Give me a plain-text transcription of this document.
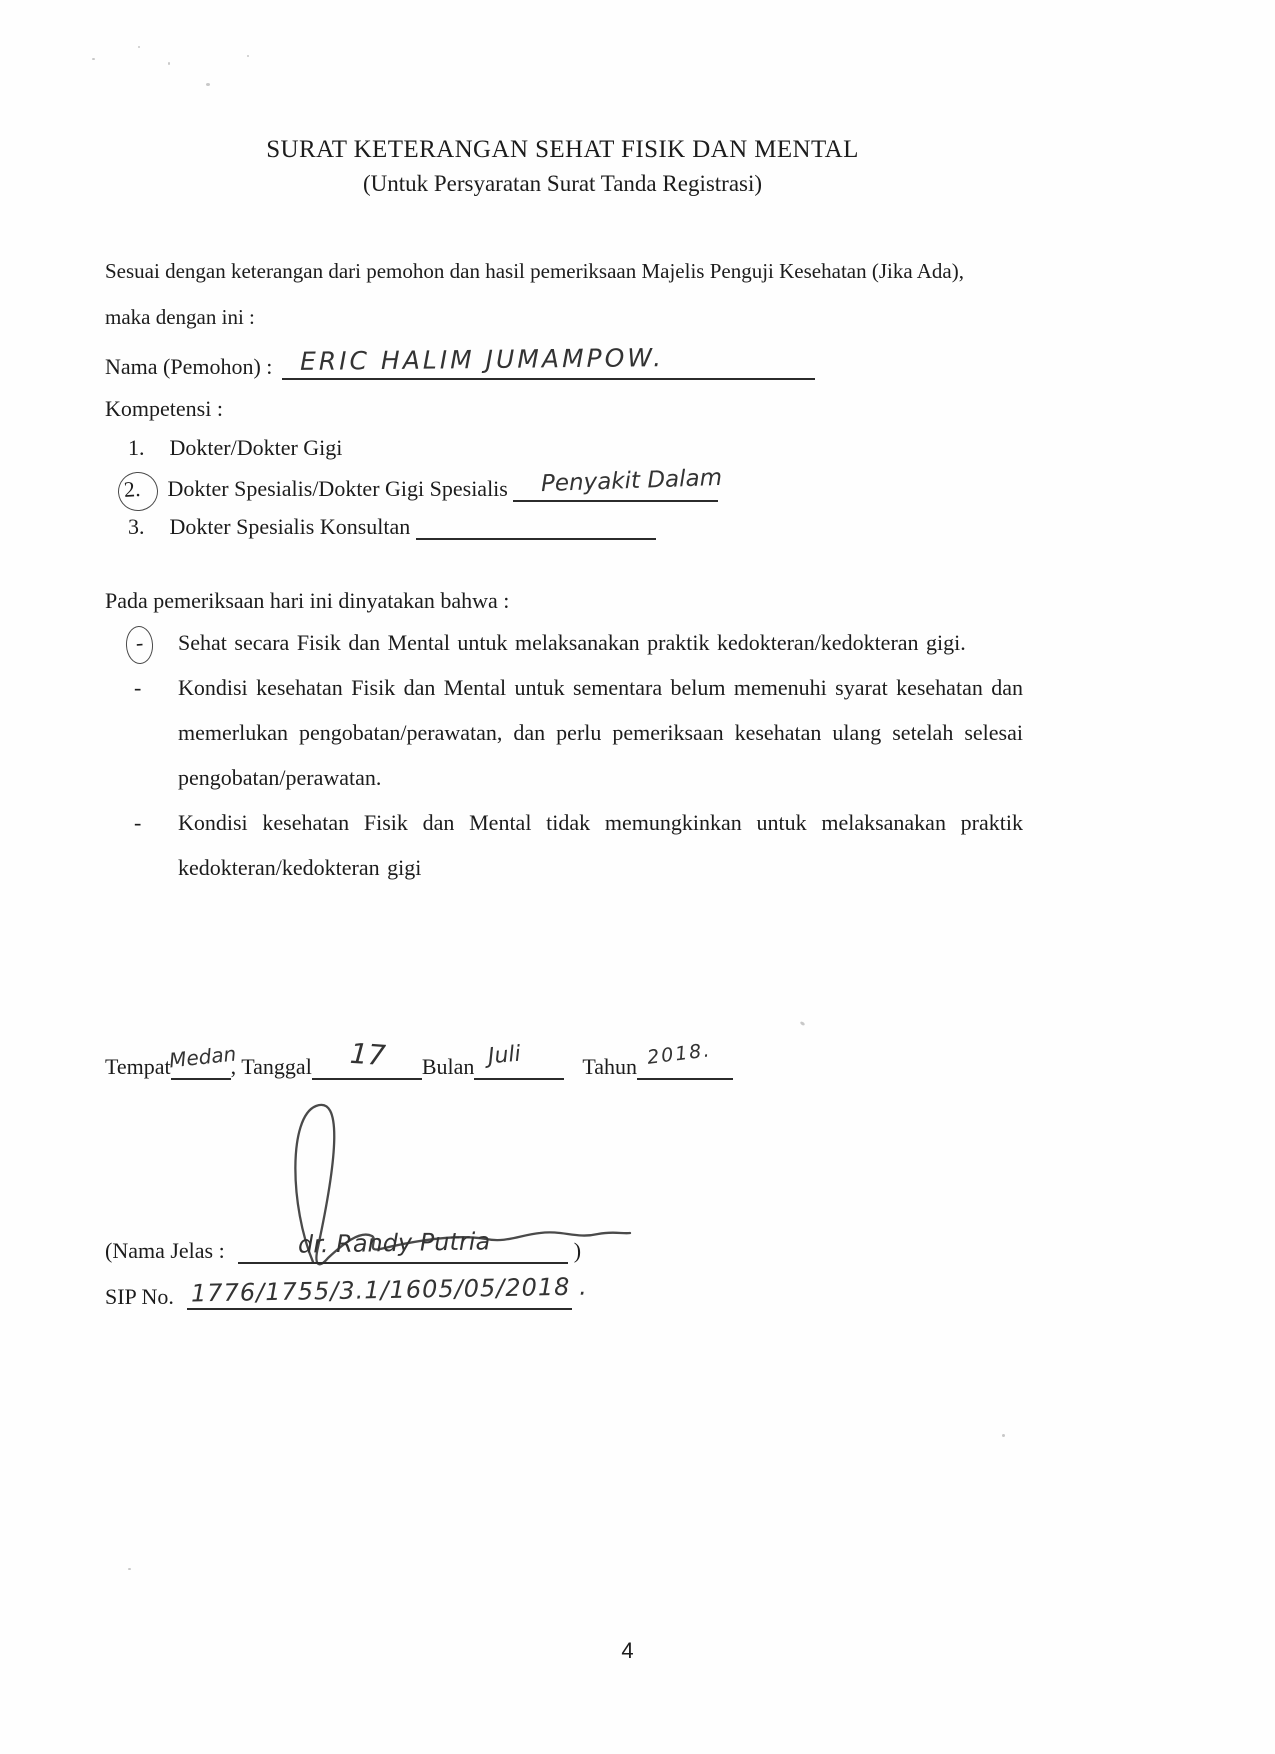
SURAT KETERANGAN SEHAT FISIK DAN MENTAL
(Untuk Persyaratan Surat Tanda Registrasi)
Sesuai dengan keterangan dari pemohon dan hasil pemeriksaan Majelis Penguji Kesehatan (Jika Ada),
maka dengan ini :
Nama (Pemohon) : ERIC HALIM JUMAMPOW.
Kompetensi :
1. Dokter/Dokter Gigi
2. Dokter Spesialis/Dokter Gigi Spesialis Penyakit Dalam
3. Dokter Spesialis Konsultan
Pada pemeriksaan hari ini dinyatakan bahwa :
-	Sehat secara Fisik dan Mental untuk melaksanakan praktik kedokteran/kedokteran gigi.
-	Kondisi kesehatan Fisik dan Mental untuk sementara belum memenuhi syarat kesehatan dan memerlukan pengobatan/perawatan, dan perlu pemeriksaan kesehatan ulang setelah selesai pengobatan/perawatan.
-	Kondisi kesehatan Fisik dan Mental tidak memungkinkan untuk melaksanakan praktik kedokteran/kedokteran gigi
Tempat
Medan
, Tanggal 17 Bulan Juli	Tahun 2018.
(Nama Jelas :	dr. Randy Putria	)
SIP No. 1776/1755/3.1/1605/05/2018 .
4
